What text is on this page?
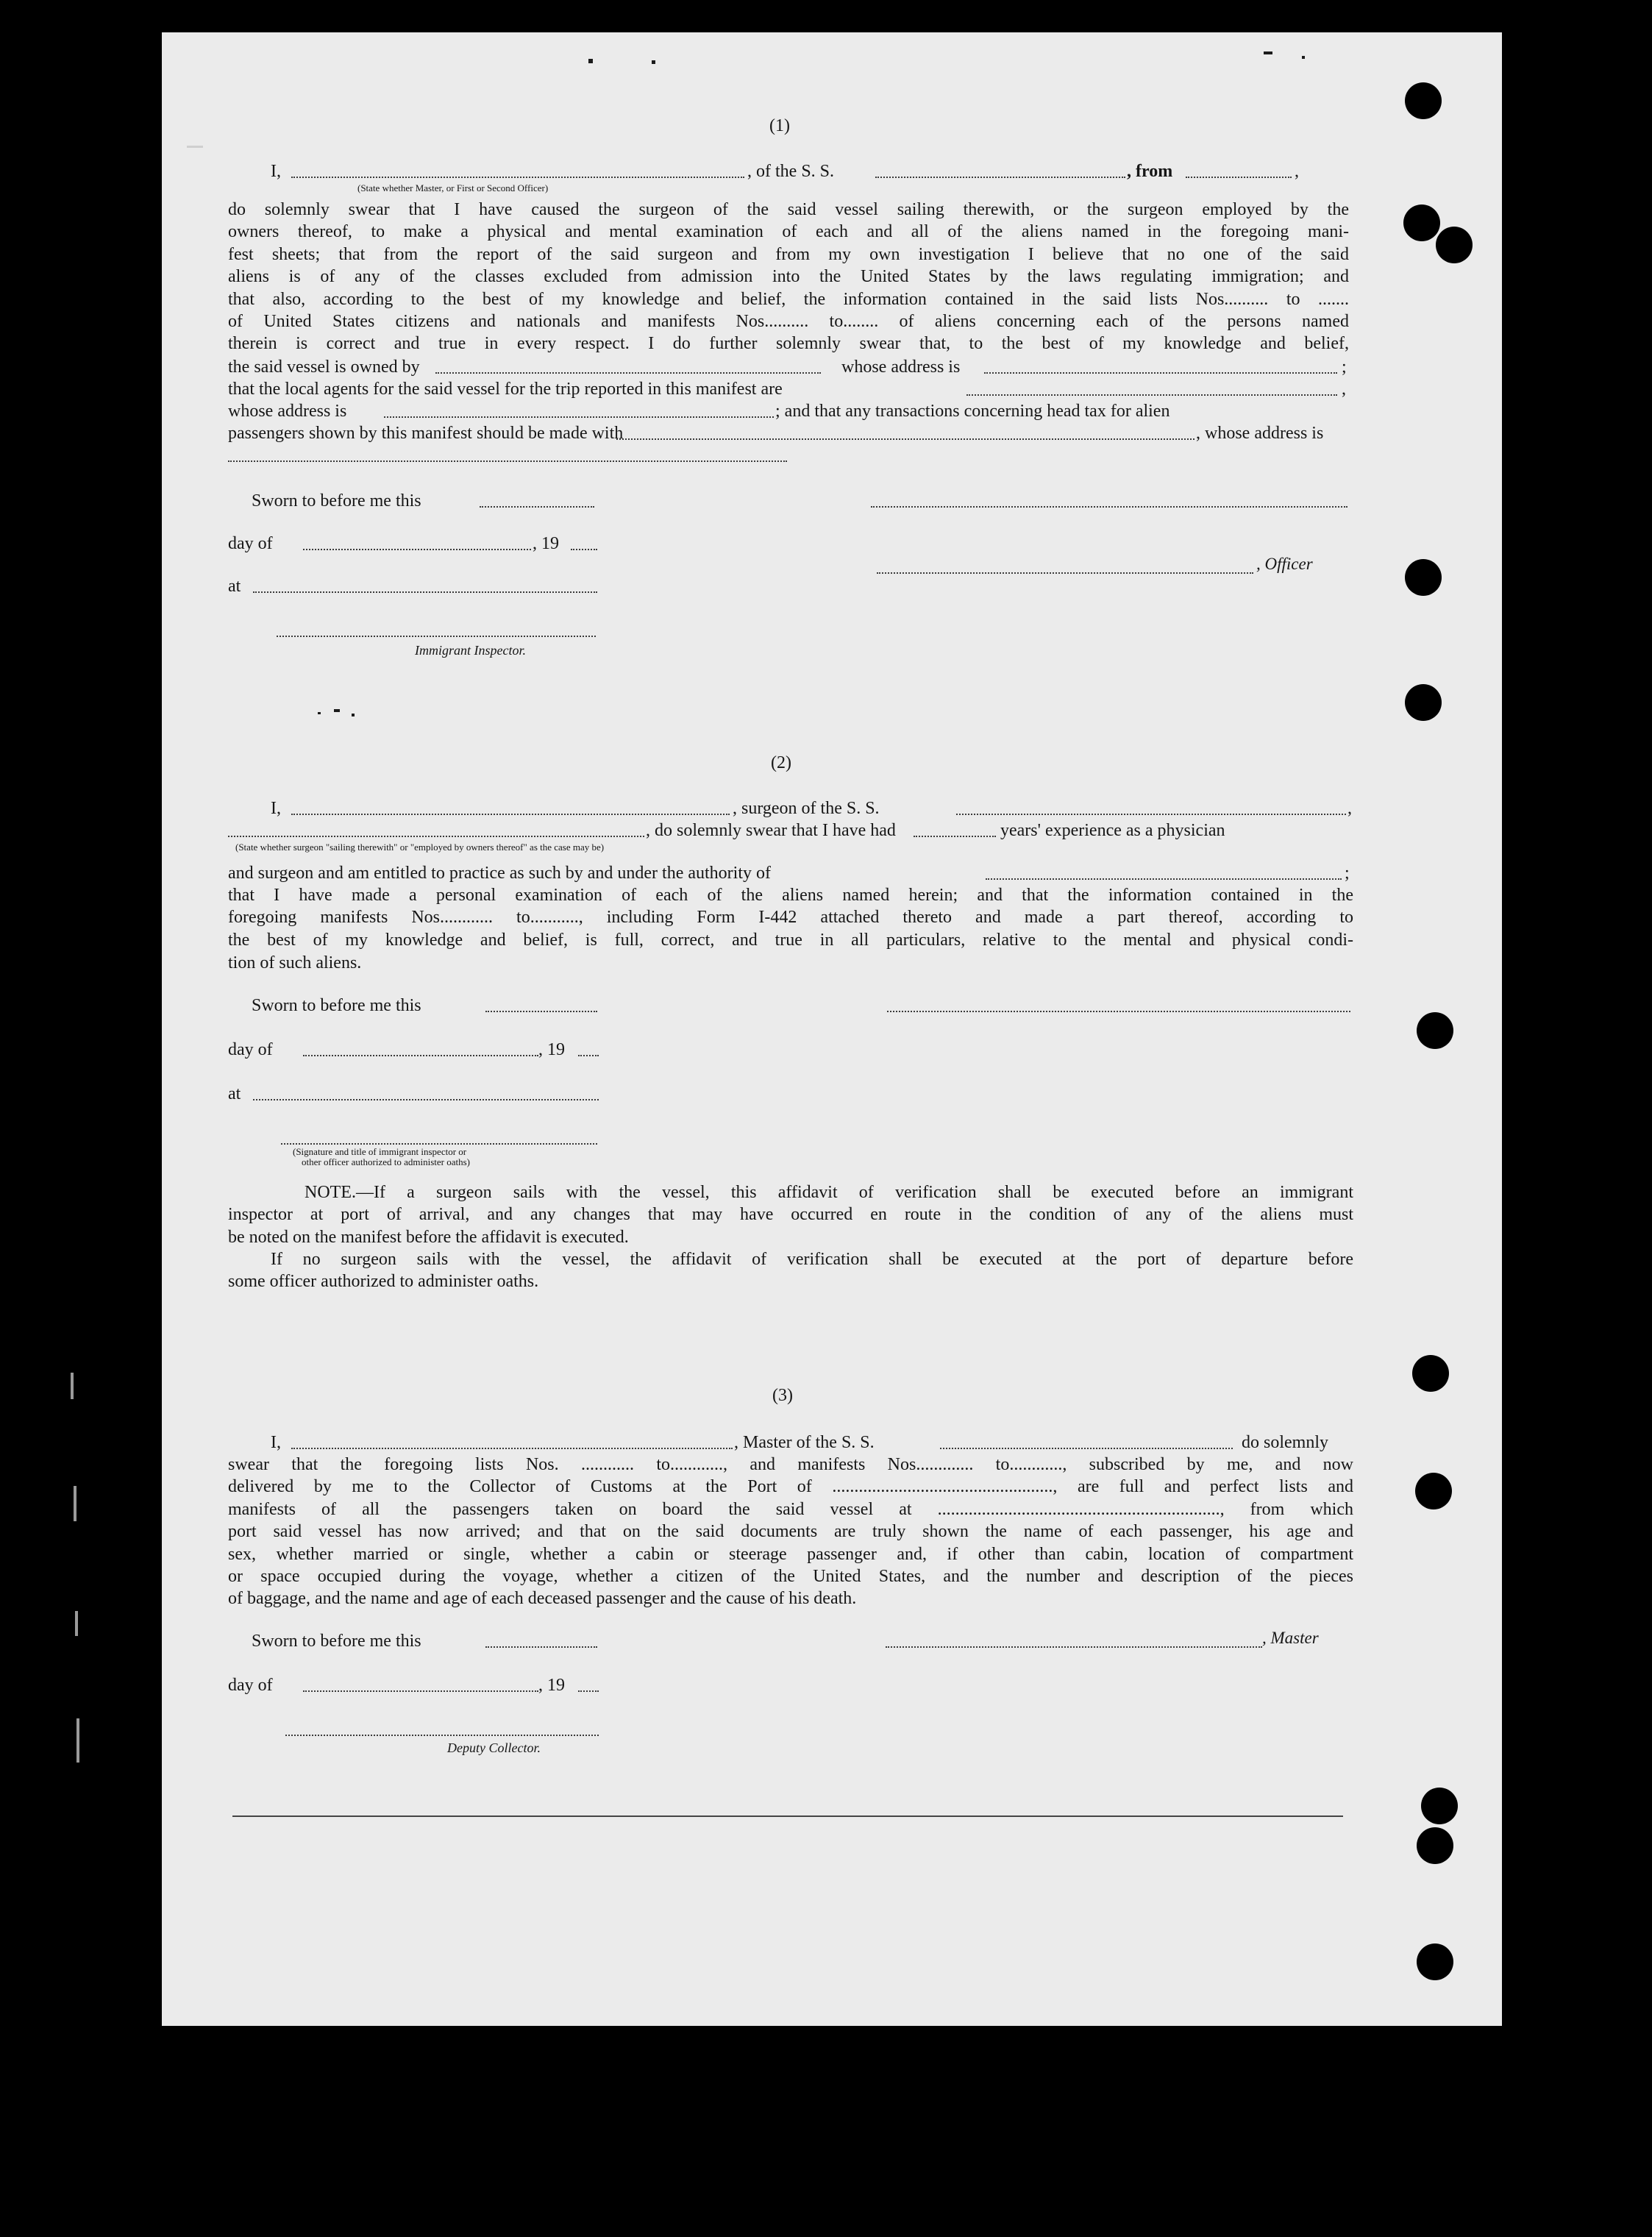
(1)
I,	, of the S. S.	, from	,
(State whether Master, or First or Second Officer)
do solemnly swear that I have caused the surgeon of the said vessel sailing therewith, or the surgeon employed by the
owners thereof, to make a physical and mental examination of each and all of the aliens named in the foregoing mani-
fest sheets; that from the report of the said surgeon and from my own investigation I believe that no one of the said
aliens is of any of the classes excluded from admission into the United States by the laws regulating immigration; and
that also, according to the best of my knowledge and belief, the information contained in the said lists Nos.......... to .......
of United States citizens and nationals and manifests Nos.......... to........ of aliens concerning each of the persons named
therein is correct and true in every respect. I do further solemnly swear that, to the best of my knowledge and belief,
the said vessel is owned by	whose address is	;
that the local agents for the said vessel for the trip reported in this manifest are	,
whose address is	; and that any transactions concerning head tax for alien
passengers shown by this manifest should be made with	, whose address is
Sworn to before me this
day of	, 19
, Officer
at
Immigrant Inspector.
(2)
I,	, surgeon of the S. S.	,
, do solemnly swear that I have had	years' experience as a physician
(State whether surgeon "sailing therewith" or "employed by owners thereof" as the case may be)
and surgeon and am entitled to practice as such by and under the authority of	;
that I have made a personal examination of each of the aliens named herein; and that the information contained in the
foregoing manifests Nos............ to..........., including Form I-442 attached thereto and made a part thereof, according to
the best of my knowledge and belief, is full, correct, and true in all particulars, relative to the mental and physical condi-
tion of such aliens.
Sworn to before me this
day of	, 19
at
(Signature and title of immigrant inspector or
other officer authorized to administer oaths)
NOTE.—If a surgeon sails with the vessel, this affidavit of verification shall be executed before an immigrant
inspector at port of arrival, and any changes that may have occurred en route in the condition of any of the aliens must
be noted on the manifest before the affidavit is executed.
If no surgeon sails with the vessel, the affidavit of verification shall be executed at the port of departure before
some officer authorized to administer oaths.
(3)
I,	, Master of the S. S.	do solemnly
swear that the foregoing lists Nos. ............ to............, and manifests Nos............. to............, subscribed by me, and now
delivered by me to the Collector of Customs at the Port of .................................................., are full and perfect lists and
manifests of all the passengers taken on board the said vessel at ................................................................, from which
port said vessel has now arrived; and that on the said documents are truly shown the name of each passenger, his age and
sex, whether married or single, whether a cabin or steerage passenger and, if other than cabin, location of compartment
or space occupied during the voyage, whether a citizen of the United States, and the number and description of the pieces
of baggage, and the name and age of each deceased passenger and the cause of his death.
Sworn to before me this	, Master
day of	, 19
Deputy Collector.
